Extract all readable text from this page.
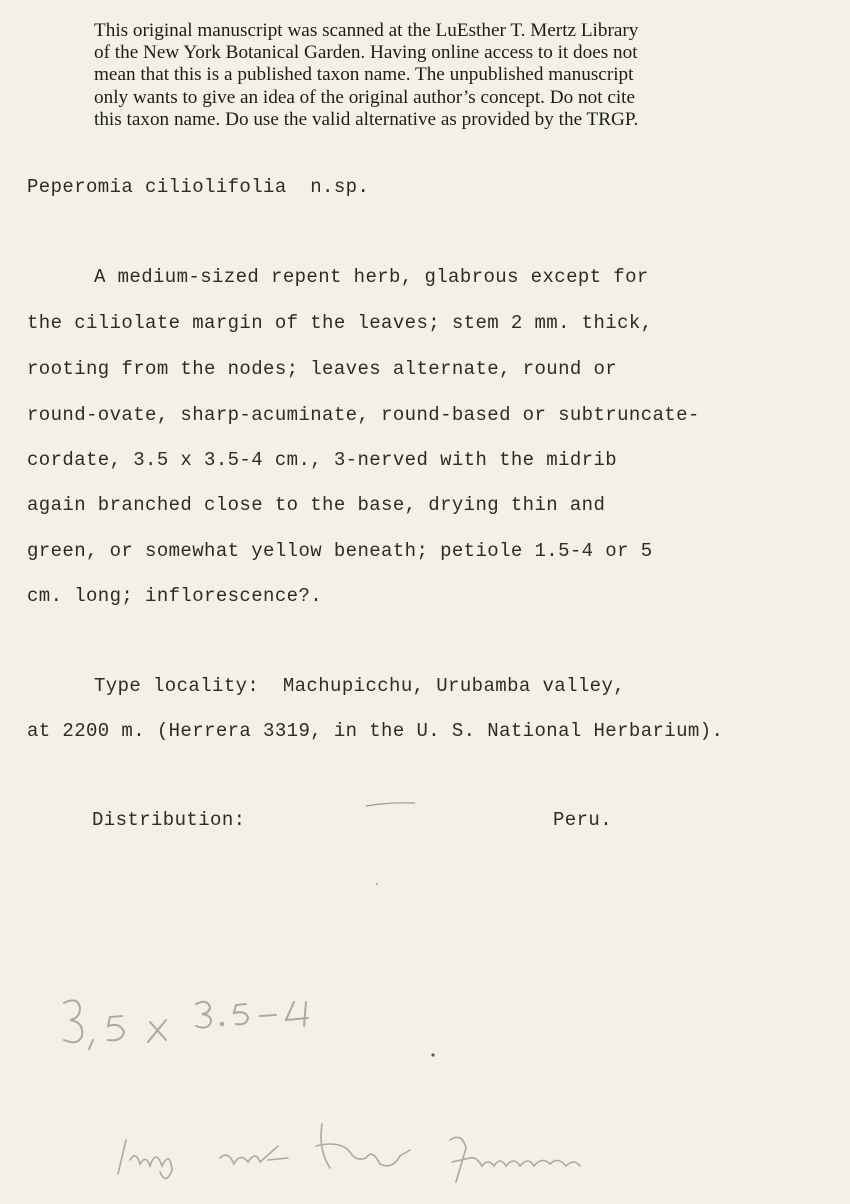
This original manuscript was scanned at the LuEsther T. Mertz Library
of the New York Botanical Garden. Having online access to it does not
mean that this is a published taxon name. The unpublished manuscript
only wants to give an idea of the original author’s concept. Do not cite
this taxon name. Do use the valid alternative as provided by the TRGP.
Peperomia ciliolifolia  n.sp.
A medium-sized repent herb, glabrous except for
the ciliolate margin of the leaves; stem 2 mm. thick,
rooting from the nodes; leaves alternate, round or
round-ovate, sharp-acuminate, round-based or subtruncate-
cordate, 3.5 x 3.5-4 cm., 3-nerved with the midrib
again branched close to the base, drying thin and
green, or somewhat yellow beneath; petiole 1.5-4 or 5
cm. long; inflorescence?.
Type locality:  Machupicchu, Urubamba valley,
at 2200 m. (Herrera 3319, in the U. S. National Herbarium).
Distribution:	Peru.
